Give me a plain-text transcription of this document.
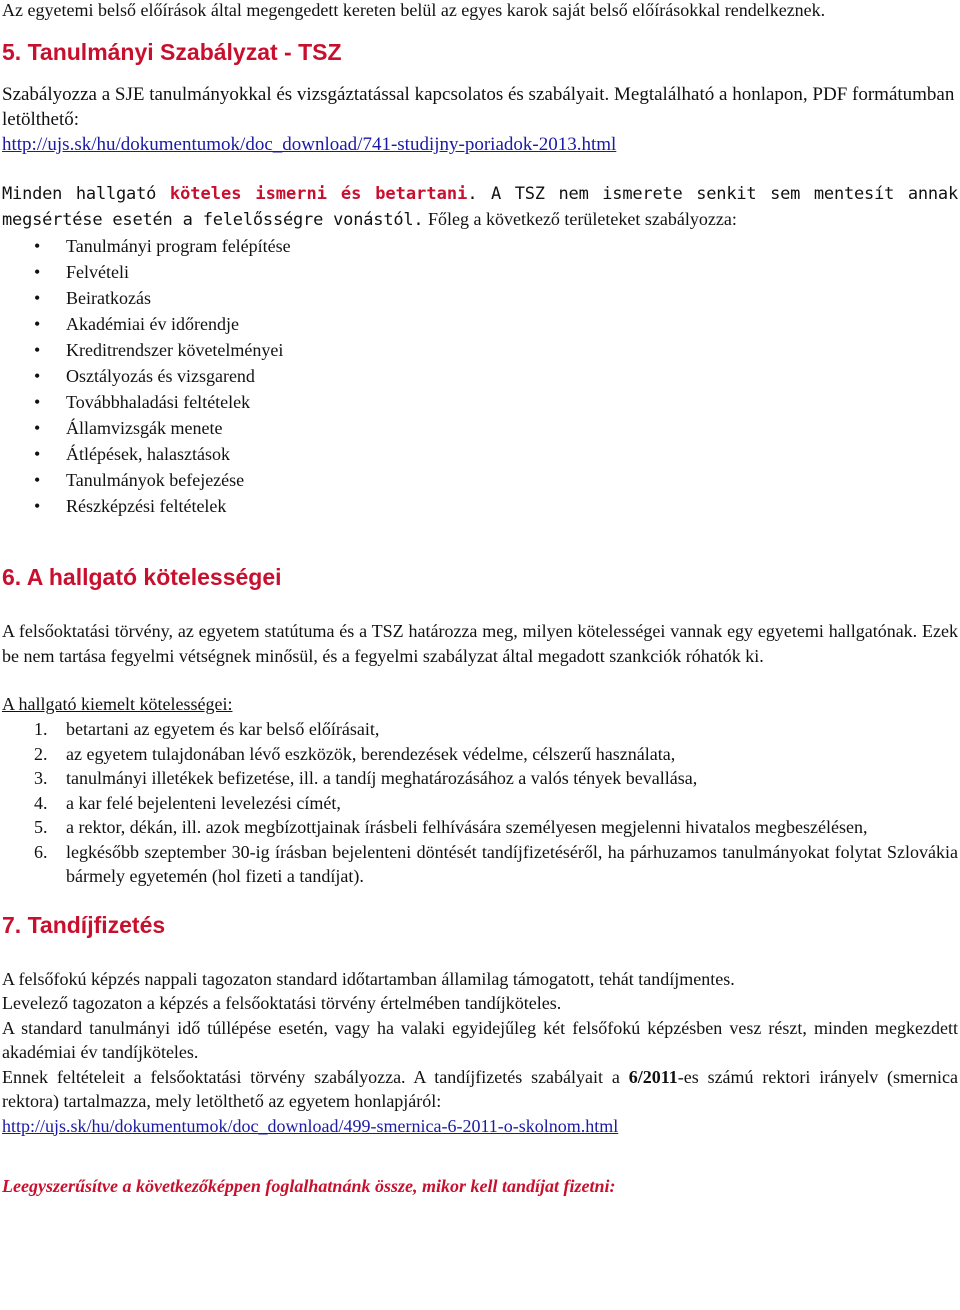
Az egyetemi belső előírások által megengedett kereten belül az egyes karok saját belső előírásokkal rendelkeznek.

5. Tanulmányi Szabályzat - TSZ

Szabályozza a SJE tanulmányokkal és vizsgáztatással kapcsolatos és szabályait. Megtalálható a honlapon, PDF formátumban letölthető:

http://ujs.sk/hu/dokumentumok/doc_download/741-studijny-poriadok-2013.html

Minden hallgató köteles ismerni és betartani. A TSZ nem ismerete senkit sem mentesít annak megsértése esetén a felelősségre vonástól. Főleg a következő területeket szabályozza:

• Tanulmányi program felépítése
• Felvételi
• Beiratkozás
• Akadémiai év időrendje
• Kreditrendszer követelményei
• Osztályozás és vizsgarend
• Továbbhaladási feltételek
• Államvizsgák menete
• Átlépések, halasztások
• Tanulmányok befejezése
• Részképzési feltételek
6. A hallgató kötelességei

A felsőoktatási törvény, az egyetem statútuma és a TSZ határozza meg, milyen kötelességei vannak egy egyetemi hallgatónak. Ezek be nem tartása fegyelmi vétségnek minősül, és a fegyelmi szabályzat által megadott szankciók róhatók ki.

A hallgató kiemelt kötelességei:

1. betartani az egyetem és kar belső előírásait,
2. az egyetem tulajdonában lévő eszközök, berendezések védelme, célszerű használata,
3. tanulmányi illetékek befizetése, ill. a tandíj meghatározásához a valós tények bevallása,
4. a kar felé bejelenteni levelezési címét,
5. a rektor, dékán, ill. azok megbízottjainak írásbeli felhívására személyesen megjelenni hivatalos megbeszélésen,
6. legkésőbb szeptember 30-ig írásban bejelenteni döntését tandíjfizetéséről, ha párhuzamos tanulmányokat folytat Szlovákia bármely egyetemén (hol fizeti a tandíjat).
7. Tandíjfizetés

A felsőfokú képzés nappali tagozaton standard időtartamban államilag támogatott, tehát tandíjmentes.

Levelező tagozaton a képzés a felsőoktatási törvény értelmében tandíjköteles.

A standard tanulmányi idő túllépése esetén, vagy ha valaki egyidejűleg két felsőfokú képzésben vesz részt, minden megkezdett akadémiai év tandíjköteles.

Ennek feltételeit a felsőoktatási törvény szabályozza. A tandíjfizetés szabályait a 6/2011-es számú rektori irányelv (smernica rektora) tartalmazza, mely letölthető az egyetem honlapjáról:

http://ujs.sk/hu/dokumentumok/doc_download/499-smernica-6-2011-o-skolnom.html

Leegyszerűsítve a következőképpen foglalhatnánk össze, mikor kell tandíjat fizetni:
